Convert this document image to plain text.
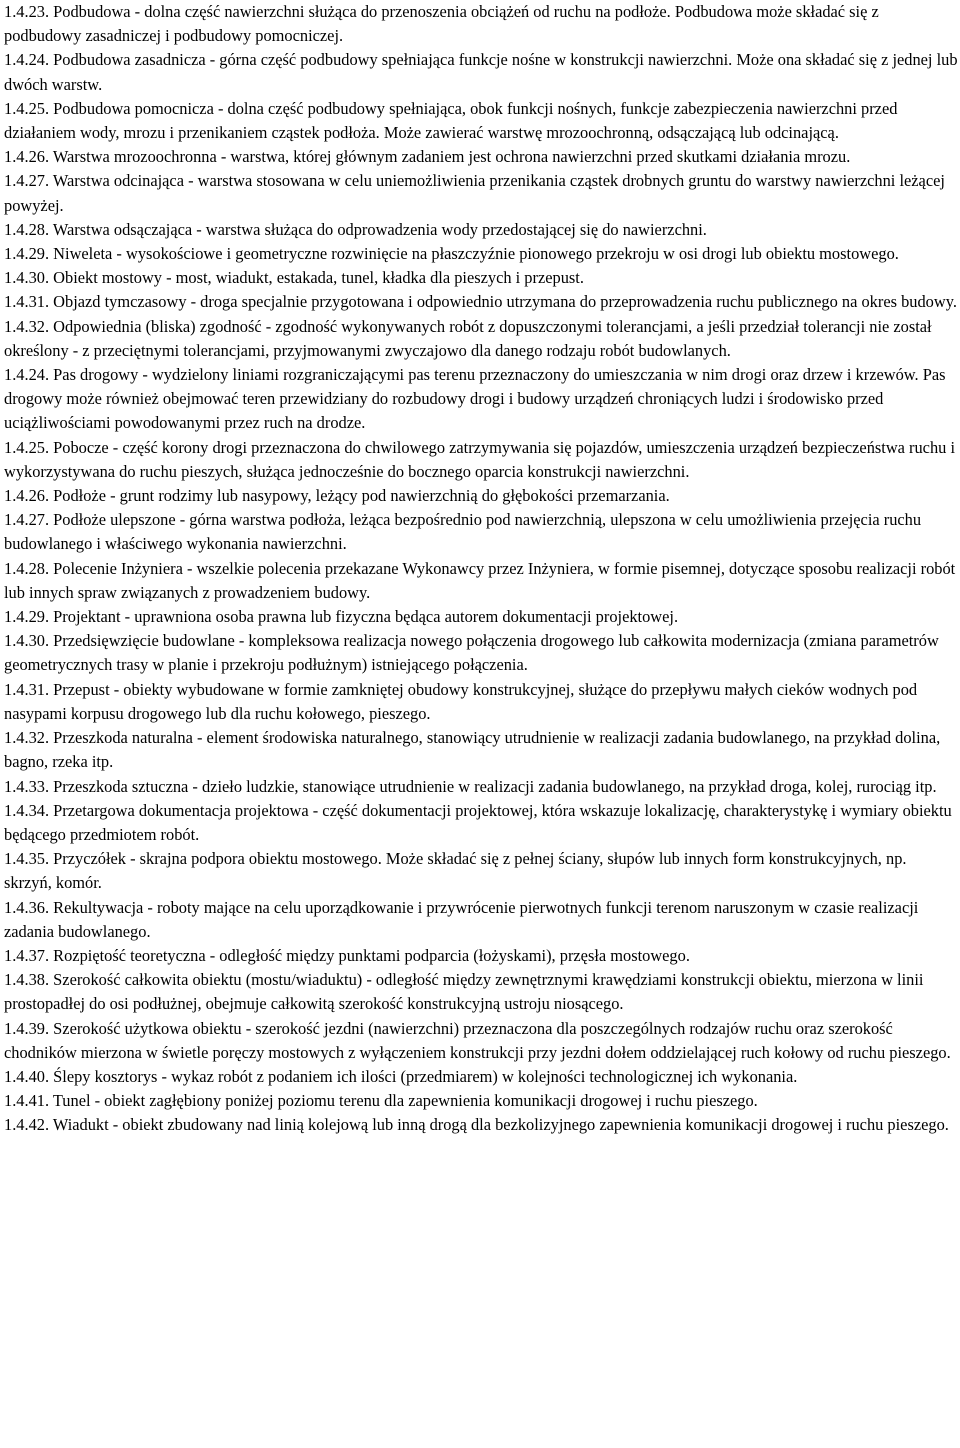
1.4.23. Podbudowa - dolna część nawierzchni służąca do przenoszenia obciążeń od ruchu na podłoże. Podbudowa może składać się z podbudowy zasadniczej i podbudowy pomocniczej.

1.4.24. Podbudowa zasadnicza - górna część podbudowy spełniająca funkcje nośne w konstrukcji nawierzchni. Może ona składać się z jednej lub dwóch warstw.

1.4.25. Podbudowa pomocnicza - dolna część podbudowy spełniająca, obok funkcji nośnych, funkcje zabezpieczenia nawierzchni przed działaniem wody, mrozu i przenikaniem cząstek podłoża. Może zawierać warstwę mrozoochronną, odsączającą lub odcinającą.

1.4.26. Warstwa mrozoochronna - warstwa, której głównym zadaniem jest ochrona nawierzchni przed skutkami działania mrozu.

1.4.27. Warstwa odcinająca - warstwa stosowana w celu uniemożliwienia przenikania cząstek drobnych gruntu do warstwy nawierzchni leżącej powyżej.

1.4.28. Warstwa odsączająca - warstwa służąca do odprowadzenia wody przedostającej się do nawierzchni.

1.4.29. Niweleta - wysokościowe i geometryczne rozwinięcie na płaszczyźnie pionowego przekroju w osi drogi lub obiektu mostowego.

1.4.30. Obiekt mostowy - most, wiadukt, estakada, tunel, kładka dla pieszych i przepust.

1.4.31. Objazd tymczasowy - droga specjalnie przygotowana i odpowiednio utrzymana do przeprowadzenia ruchu publicznego na okres budowy.

1.4.32. Odpowiednia (bliska) zgodność - zgodność wykonywanych robót z dopuszczonymi tolerancjami, a jeśli przedział tolerancji nie został określony - z przeciętnymi tolerancjami, przyjmowanymi zwyczajowo dla danego rodzaju robót budowlanych.

1.4.24. Pas drogowy - wydzielony liniami rozgraniczającymi pas terenu przeznaczony do umieszczania w nim drogi oraz drzew i krzewów. Pas drogowy może również obejmować teren przewidziany do rozbudowy drogi i budowy urządzeń chroniących ludzi i środowisko przed uciążliwościami powodowanymi przez ruch na drodze.

1.4.25. Pobocze - część korony drogi przeznaczona do chwilowego zatrzymywania się pojazdów, umieszczenia urządzeń bezpieczeństwa ruchu i wykorzystywana do ruchu pieszych, służąca jednocześnie do bocznego oparcia konstrukcji nawierzchni.

1.4.26. Podłoże - grunt rodzimy lub nasypowy, leżący pod nawierzchnią do głębokości przemarzania.

1.4.27. Podłoże ulepszone - górna warstwa podłoża, leżąca bezpośrednio pod nawierzchnią, ulepszona w celu umożliwienia przejęcia ruchu budowlanego i właściwego wykonania nawierzchni.

1.4.28. Polecenie Inżyniera - wszelkie polecenia przekazane Wykonawcy przez Inżyniera, w formie pisemnej, dotyczące sposobu realizacji robót lub innych spraw związanych z prowadzeniem budowy.

1.4.29. Projektant - uprawniona osoba prawna lub fizyczna będąca autorem dokumentacji projektowej.

1.4.30. Przedsięwzięcie budowlane - kompleksowa realizacja nowego połączenia drogowego lub całkowita modernizacja (zmiana parametrów geometrycznych trasy w planie i przekroju podłużnym) istniejącego połączenia.

1.4.31. Przepust - obiekty wybudowane w formie zamkniętej obudowy konstrukcyjnej, służące do przepływu małych cieków wodnych pod nasypami korpusu drogowego lub dla ruchu kołowego, pieszego.

1.4.32. Przeszkoda naturalna - element środowiska naturalnego, stanowiący utrudnienie w realizacji zadania budowlanego, na przykład dolina, bagno, rzeka itp.

1.4.33. Przeszkoda sztuczna - dzieło ludzkie, stanowiące utrudnienie w realizacji zadania budowlanego, na przykład droga, kolej, rurociąg itp.

1.4.34. Przetargowa dokumentacja projektowa - część dokumentacji projektowej, która wskazuje lokalizację, charakterystykę i wymiary obiektu będącego przedmiotem robót.

1.4.35. Przyczółek - skrajna podpora obiektu mostowego. Może składać się z pełnej ściany, słupów lub innych form konstrukcyjnych, np. skrzyń, komór.

1.4.36. Rekultywacja - roboty mające na celu uporządkowanie i przywrócenie pierwotnych funkcji terenom naruszonym w czasie realizacji zadania budowlanego.

1.4.37. Rozpiętość teoretyczna - odległość między punktami podparcia (łożyskami), przęsła mostowego.

1.4.38. Szerokość całkowita obiektu (mostu/wiaduktu) - odległość między zewnętrznymi krawędziami konstrukcji obiektu, mierzona w linii prostopadłej do osi podłużnej, obejmuje całkowitą szerokość konstrukcyjną ustroju niosącego.

1.4.39. Szerokość użytkowa obiektu - szerokość jezdni (nawierzchni) przeznaczona dla poszczególnych rodzajów ruchu oraz szerokość chodników mierzona w świetle poręczy mostowych z wyłączeniem konstrukcji przy jezdni dołem oddzielającej ruch kołowy od ruchu pieszego.

1.4.40. Ślepy kosztorys - wykaz robót z podaniem ich ilości (przedmiarem) w kolejności technologicznej ich wykonania.

1.4.41. Tunel - obiekt zagłębiony poniżej poziomu terenu dla zapewnienia komunikacji drogowej i ruchu pieszego.

1.4.42. Wiadukt - obiekt zbudowany nad linią kolejową lub inną drogą dla bezkolizyjnego zapewnienia komunikacji drogowej i ruchu pieszego.
